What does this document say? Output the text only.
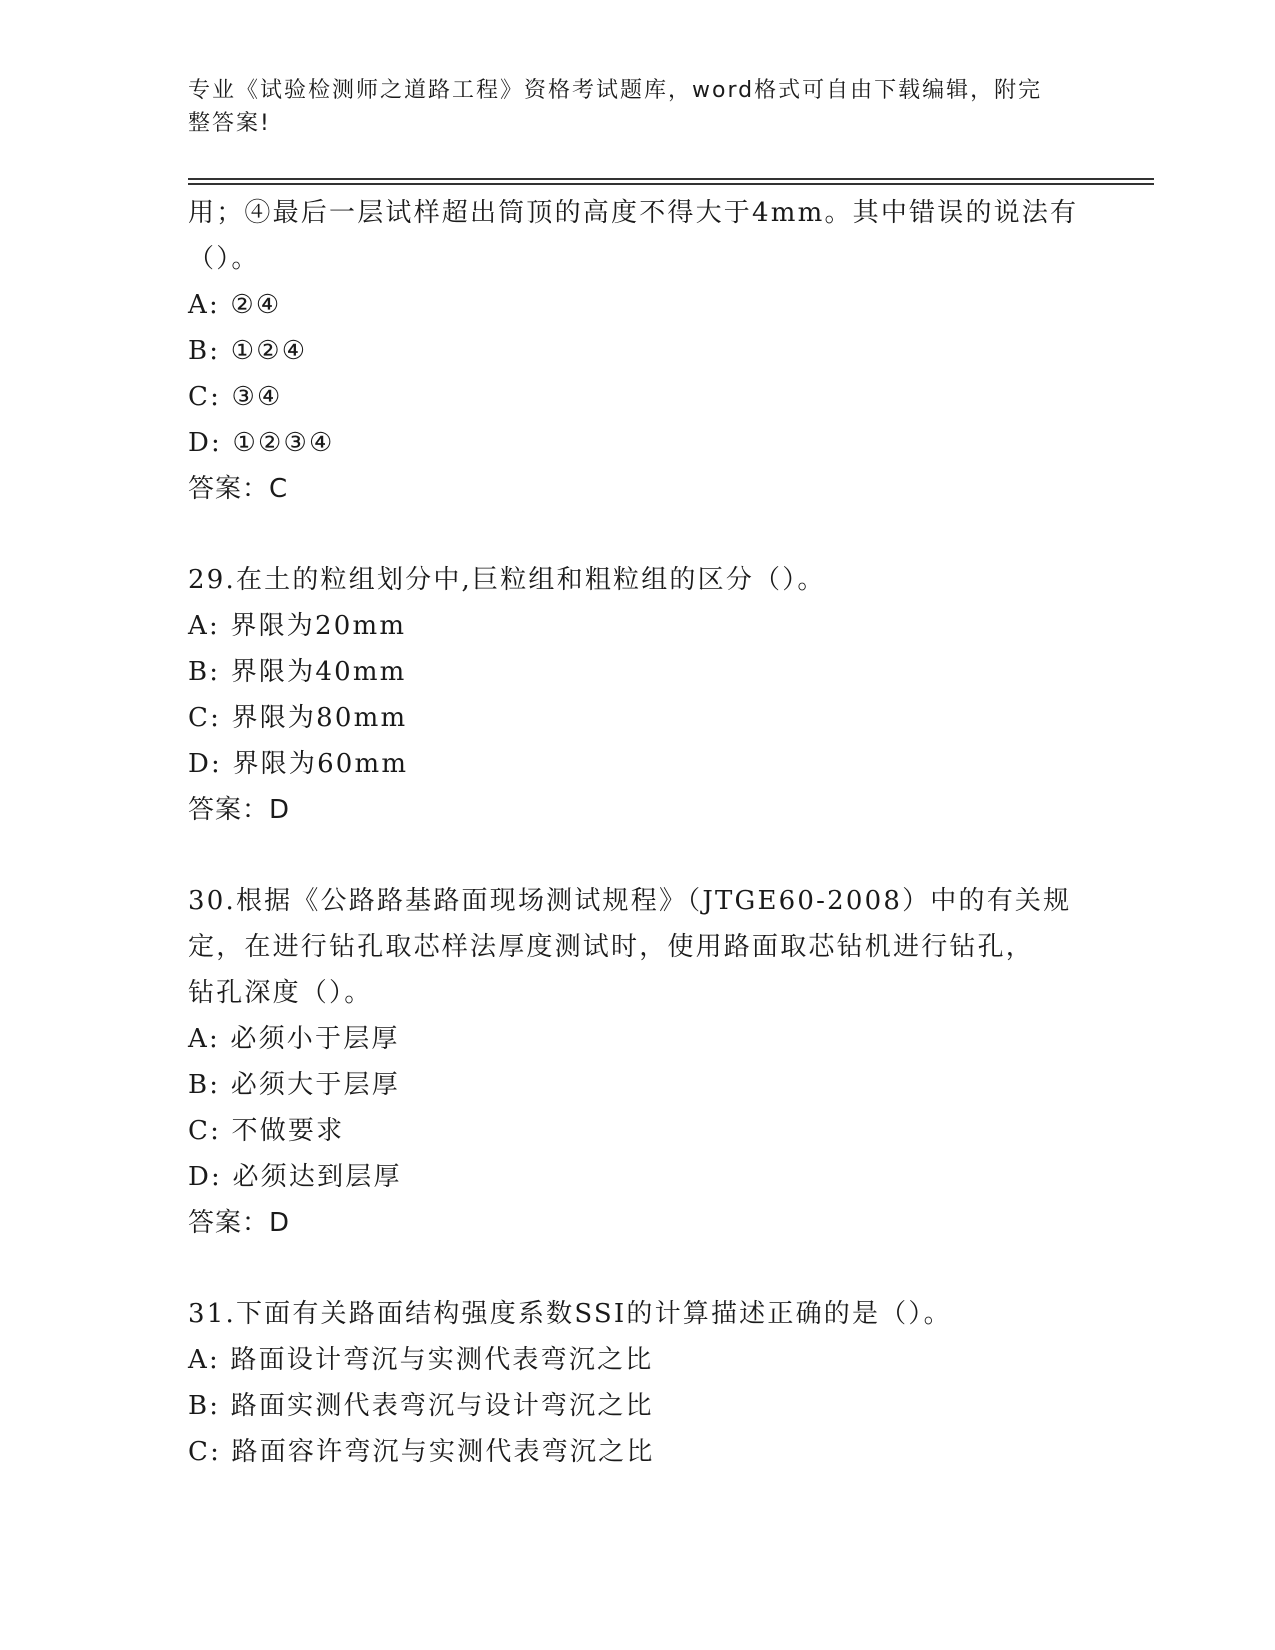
专业《试验检测师之道路工程》资格考试题库，word格式可自由下载编辑，附完
整答案!
用；④最后一层试样超出筒顶的高度不得大于4mm。其中错误的说法有
（）。
A: ②④
B: ①②④
C: ③④
D: ①②③④
答案：C
29.在土的粒组划分中,巨粒组和粗粒组的区分（）。
A: 界限为20mm
B: 界限为40mm
C: 界限为80mm
D: 界限为60mm
答案：D
30.根据《公路路基路面现场测试规程》（JTGE60-2008）中的有关规
定，在进行钻孔取芯样法厚度测试时，使用路面取芯钻机进行钻孔，
钻孔深度（）。
A: 必须小于层厚
B: 必须大于层厚
C: 不做要求
D: 必须达到层厚
答案：D
31.下面有关路面结构强度系数SSI的计算描述正确的是（）。
A: 路面设计弯沉与实测代表弯沉之比
B: 路面实测代表弯沉与设计弯沉之比
C: 路面容许弯沉与实测代表弯沉之比
